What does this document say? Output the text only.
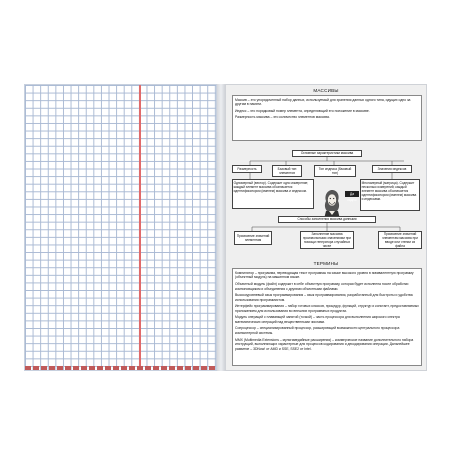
МАССИВЫ

Массив – это упорядоченный набор данных, используемый для хранения данных одного типа, идущих одно за другим в памяти.

Индекс – это порядковый номер элемента, определяющий его положение в массиве.

Размерность массива – это количество элементов массива.

Основные характеристики массива
Размерность	Базовый тип элементов
Тип индекса (базовый тип)
Значения индексов
Одномерный (вектор). Содержит одно измерение; каждый элемент массива обозначается идентификатором (именем) массива и индексом.
Многомерный (матрица). Содержит несколько измерений; каждый элемент массива обозначается идентификатором (именем) массива и индексами.
Да ладно!
Способы заполнения массива данными
Присвоение значений элементам
Заполнение массива произвольными значениями при помощи генератора случайных чисел
Присвоение значений элементам массива при вводе или чтении из файла
ТЕРМИНЫ

Компилятор – программа, переводящая текст программы на языке высокого уровня в эквивалентную программу (объектный модуль) на машинном языке.

Объектный модуль (файл) содержит в себе объектную программу, которая будет исполнена после обработки компоновщиком и объединения с другими объектными файлами.

Высокоуровневый язык программирования – язык программирования, разработанный для быстроты и удобства использования программистом.

Интерфейс программирования – набор готовых классов, процедур, функций, структур и констант, предоставляемых приложением для использования во внешних программных продуктах.

Модуль операций с плавающей запятой (точкой) – часть процессора для выполнения широкого спектра математических операций над вещественными числами.

Сопроцессор – специализированный процессор, расширяющий возможности центрального процессора компьютерной системы.

MMX (Multimedia Extensions – мультимедийные расширения) – коммерческое название дополнительного набора инструкций, выполняющих характерные для процессов кодирования и декодирования операции. Дальнейшее развитие – 3DNow! от AMD и SSE, SSE2 от Intel.
